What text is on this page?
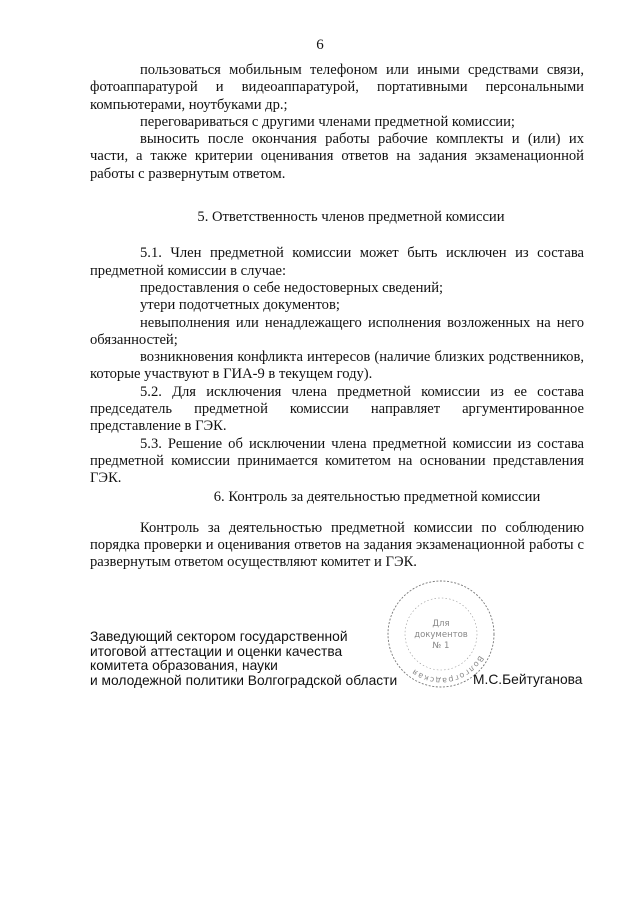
6

пользоваться мобильным телефоном или иными средствами связи, фотоаппаратурой и видеоаппаратурой, портативными персональными компьютерами, ноутбуками др.;

переговариваться с другими членами предметной комиссии;

выносить после окончания работы рабочие комплекты и (или) их части, а также критерии оценивания ответов на задания экзаменационной работы с развернутым ответом.

5. Ответственность членов предметной комиссии

5.1. Член предметной комиссии может быть исключен из состава предметной комиссии в случае:

предоставления о себе недостоверных сведений;

утери подотчетных документов;

невыполнения или ненадлежащего исполнения возложенных на него обязанностей;

возникновения конфликта интересов (наличие близких родственников, которые участвуют в ГИА-9 в текущем году).

5.2. Для исключения члена предметной комиссии из ее состава председатель предметной комиссии направляет аргументированное представление в ГЭК.

5.3. Решение об исключении члена предметной комиссии из состава предметной комиссии принимается комитетом на основании представления ГЭК.

6. Контроль за деятельностью предметной комиссии

Контроль за деятельностью предметной комиссии по соблюдению порядка проверки и оценивания ответов на задания экзаменационной работы с развернутым ответом осуществляют комитет и ГЭК.

Волгоградская
Для
документов
№ 1
Заведующий сектором государственной
итоговой аттестации и оценки качества
комитета образования, науки
и молодежной политики Волгоградской области	М.С.Бейтуганова
